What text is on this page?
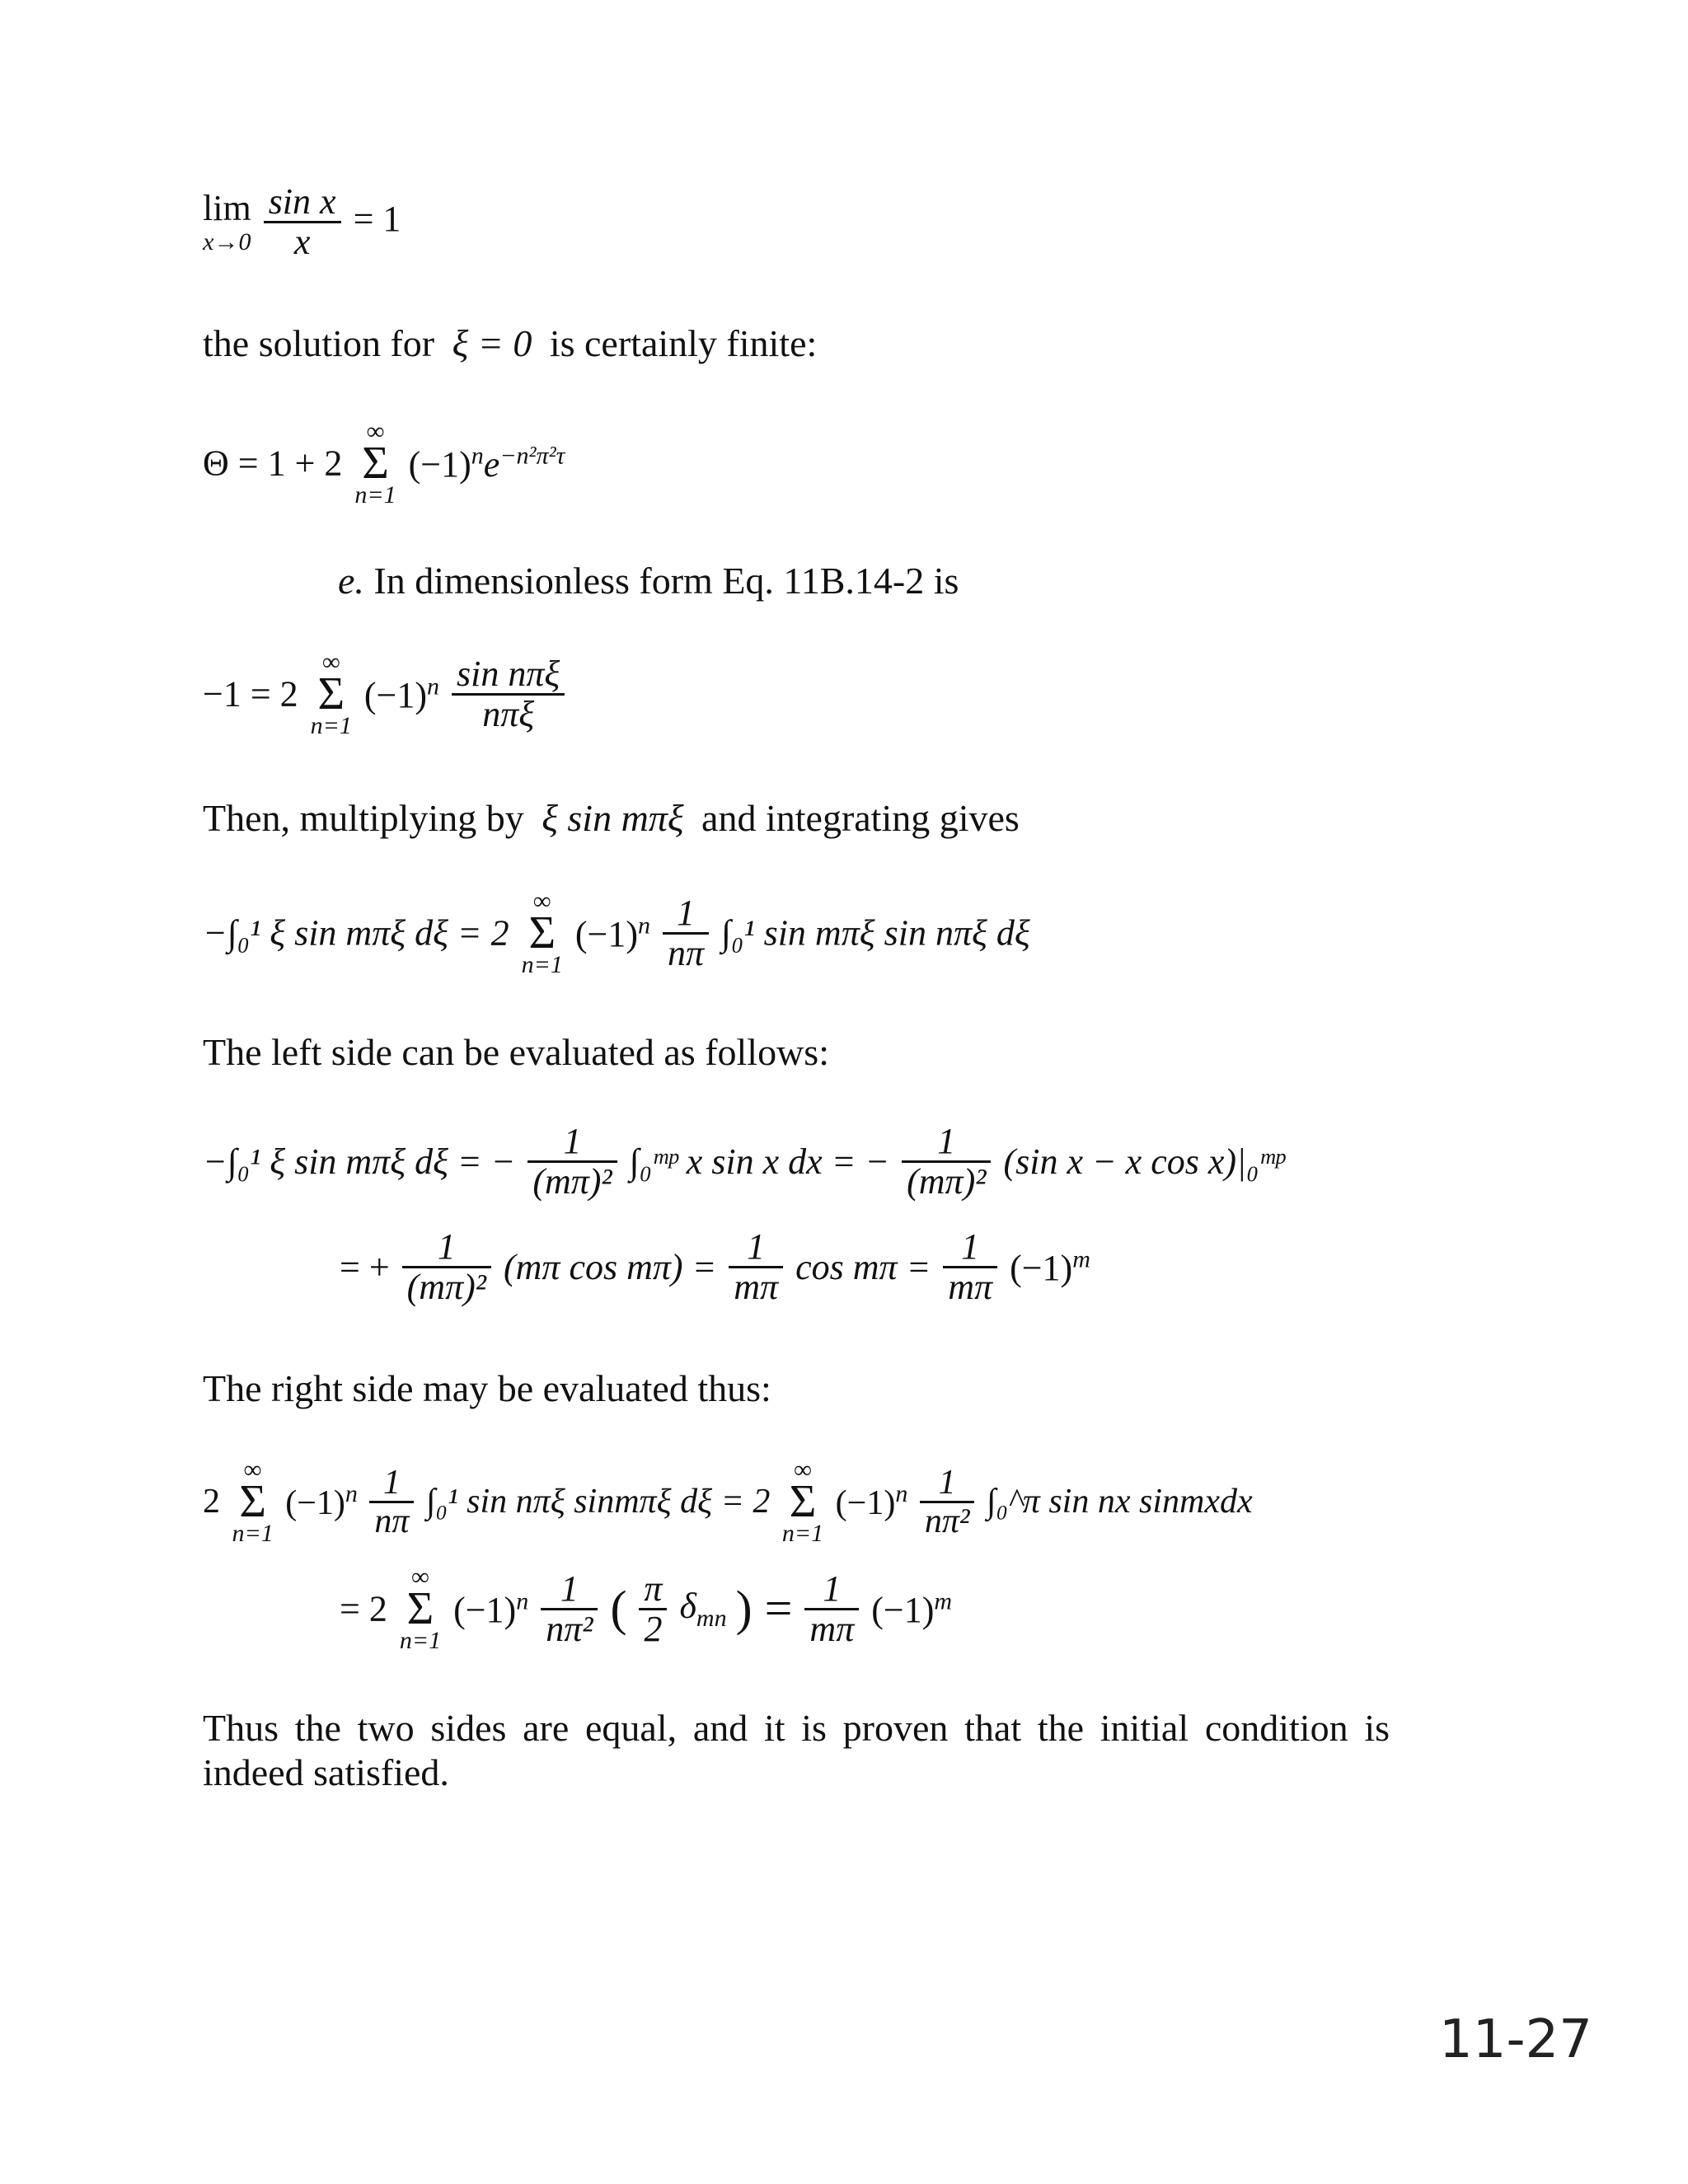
lim
x→0
$\frac{\text{sin x}}{x} = 1$
the solution for ξ = 0 is certainly finite:
Θ = 1 + 2
∞
Σ
n=1
$(-1)^ne^{-n^2\pi^2\tau}$
e. In dimensionless form Eq. 11B.14-2 is
−1 = 2
∞
Σ
n=1
$(-1)^n \frac{\text{sin nπξ}}{\text{nπξ}}$
Then, multiplying by ξ sin mπξ and integrating gives
−∫₀¹ ξ sin mπξ dξ = 2
∞
Σ
n=1
$(-1)^n \frac{1}{n\pi} \int_0^1$ sin mπξ sin nπξ dξ
The left side can be evaluated as follows:
−∫₀¹ ξ sin mπξ dξ = − $\frac{1}{\text{(mπ)²}}$ ∫₀ᵐᵖ x sin x dx = − $\frac{1}{\text{(mπ)²}} (\sin$ x − x cos x)|₀ᵐᵖ
= + $\frac{1}{\text{(mπ)²}} (m\pi$ $\cos m\pi) = \frac{1}{m\pi}$ $\cos m\pi = \frac{1}{m\pi} (-1)^m$
The right side may be evaluated thus:
2
∞
Σ
n=1
$(-1)^n \frac{1}{n\pi} \int_0^1$ sin nπξ sinmπξ dξ = 2
∞
Σ
n=1
$(-1)^n \frac{1}{\text{nπ²}}$ ∫₀^π sin nx sinmxdx
= 2
∞
Σ
n=1
$(-1)^n \frac{1}{\text{nπ²}}$ ( $\frac{\pi}{2} \delta_{mn}$ ) = $\frac{1}{m\pi} (-1)^m$
Thus the two sides are equal, and it is proven that the initial condition is indeed satisfied.
11-27
